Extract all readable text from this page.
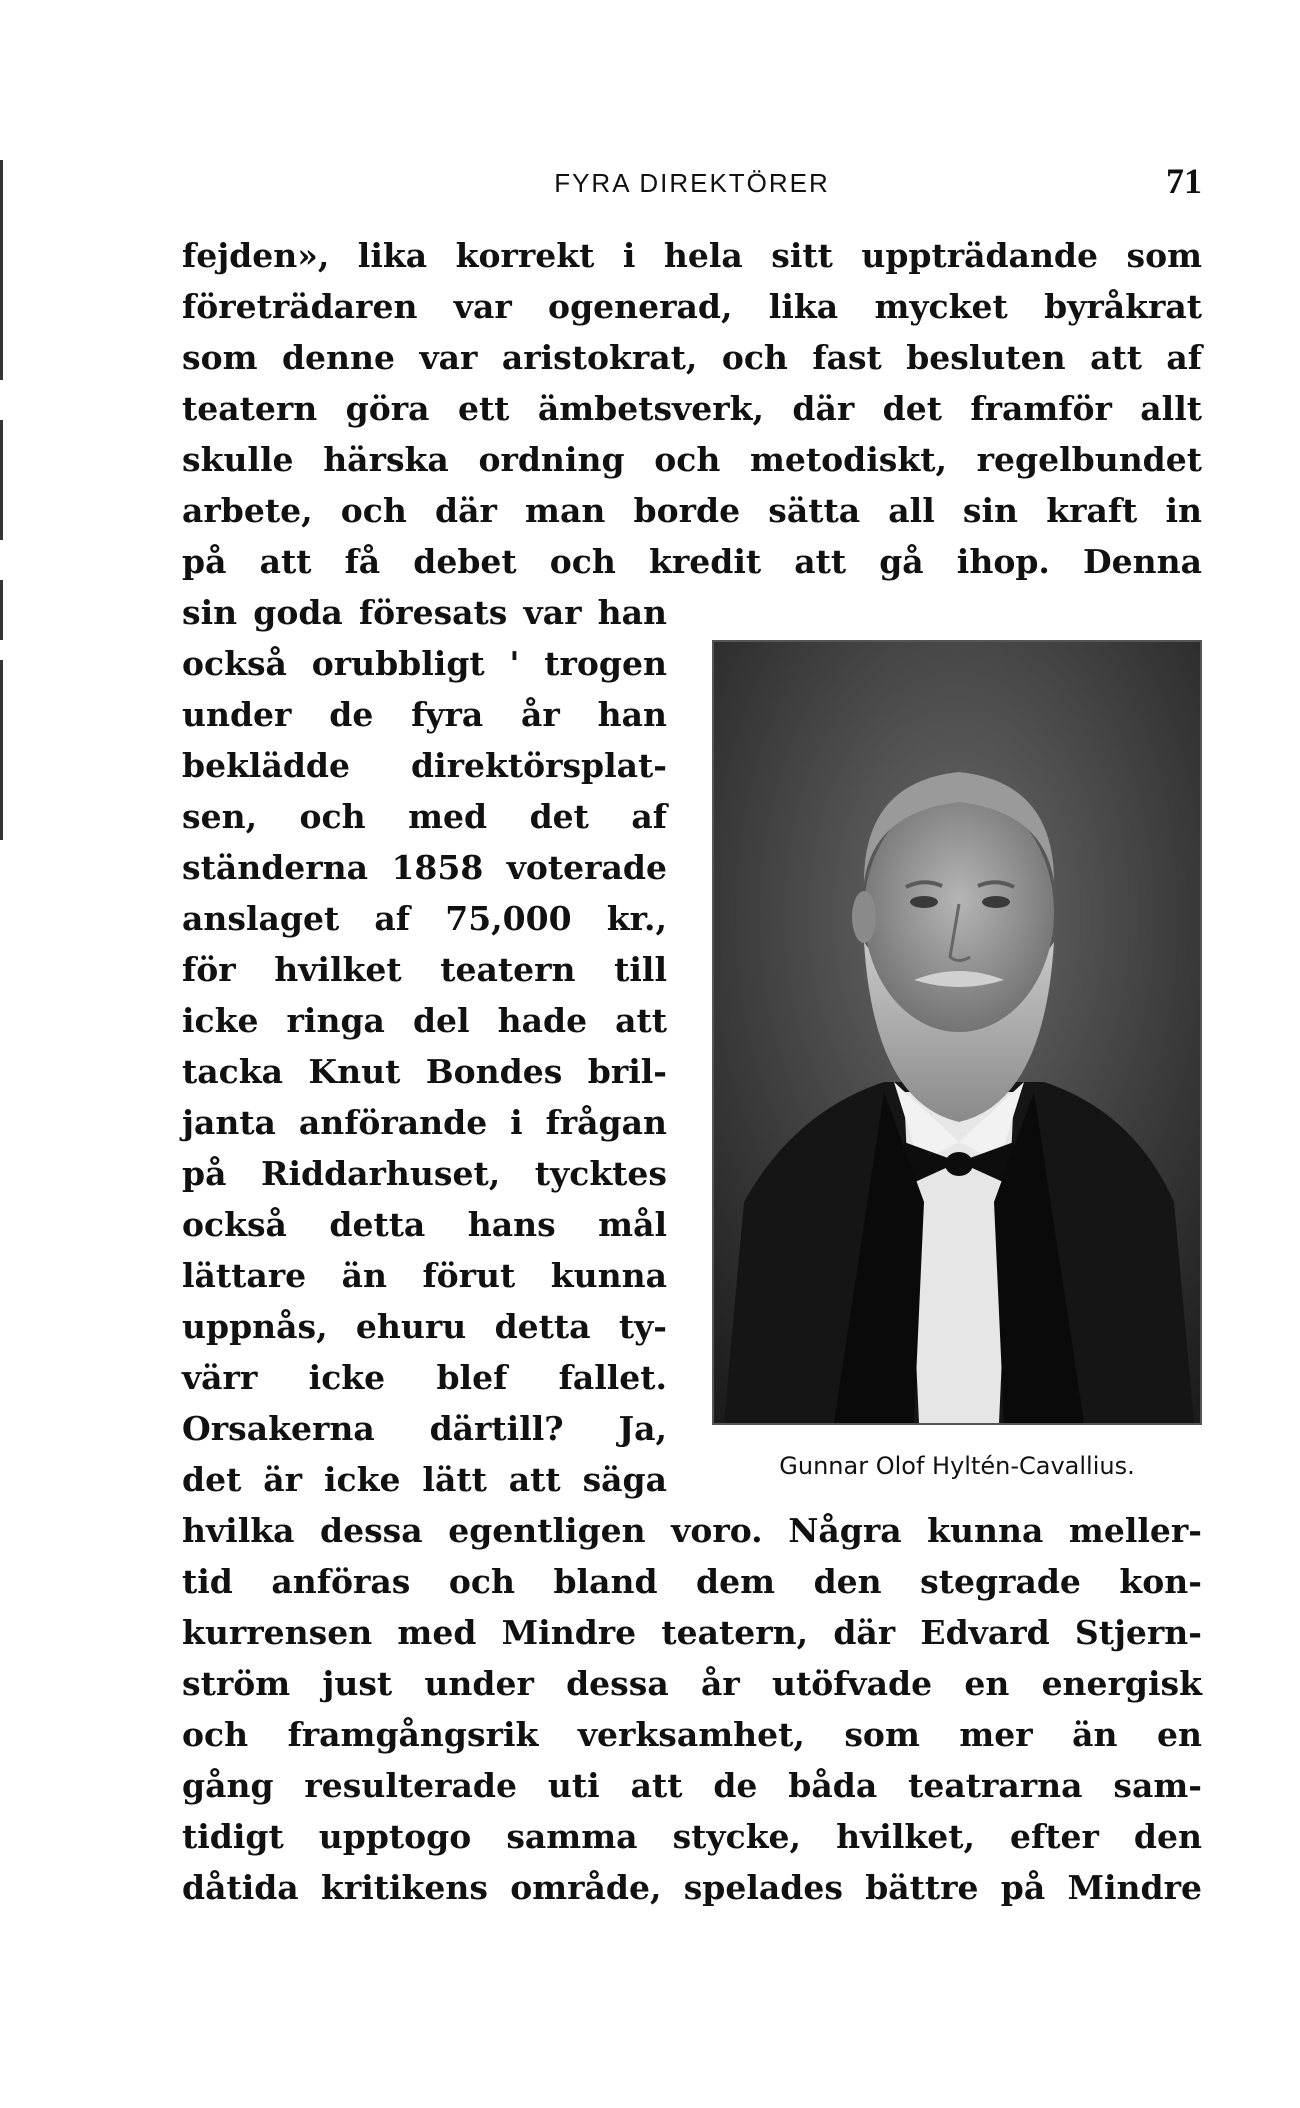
FYRA DIREKTÖRER	71
fejden», lika korrekt i hela sitt uppträdande som
företrädaren var ogenerad, lika mycket byråkrat
som denne var aristokrat, och fast besluten att af
teatern göra ett ämbetsverk, där det framför allt
skulle härska ordning och metodiskt, regelbundet
arbete, och där man borde sätta all sin kraft in
på att få debet och kredit att gå ihop. Denna
sin goda föresats var han
också orubbligt ' trogen
under de fyra år han
beklädde direktörsplat-
sen, och med det af
ständerna 1858 voterade
anslaget af 75,000 kr.,
för hvilket teatern till
icke ringa del hade att
tacka Knut Bondes bril-
janta anförande i frågan
på Riddarhuset, tycktes
också detta hans mål
lättare än förut kunna
uppnås, ehuru detta ty-
värr icke blef fallet.
Orsakerna därtill? Ja,
det är icke lätt att säga
hvilka dessa egentligen voro. Några kunna meller-
tid anföras och bland dem den stegrade kon-
kurrensen med Mindre teatern, där Edvard Stjern-
ström just under dessa år utöfvade en energisk
och framgångsrik verksamhet, som mer än en
gång resulterade uti att de båda teatrarna sam-
tidigt upptogo samma stycke, hvilket, efter den
dåtida kritikens område, spelades bättre på Mindre
Gunnar Olof Hyltén-Cavallius.
